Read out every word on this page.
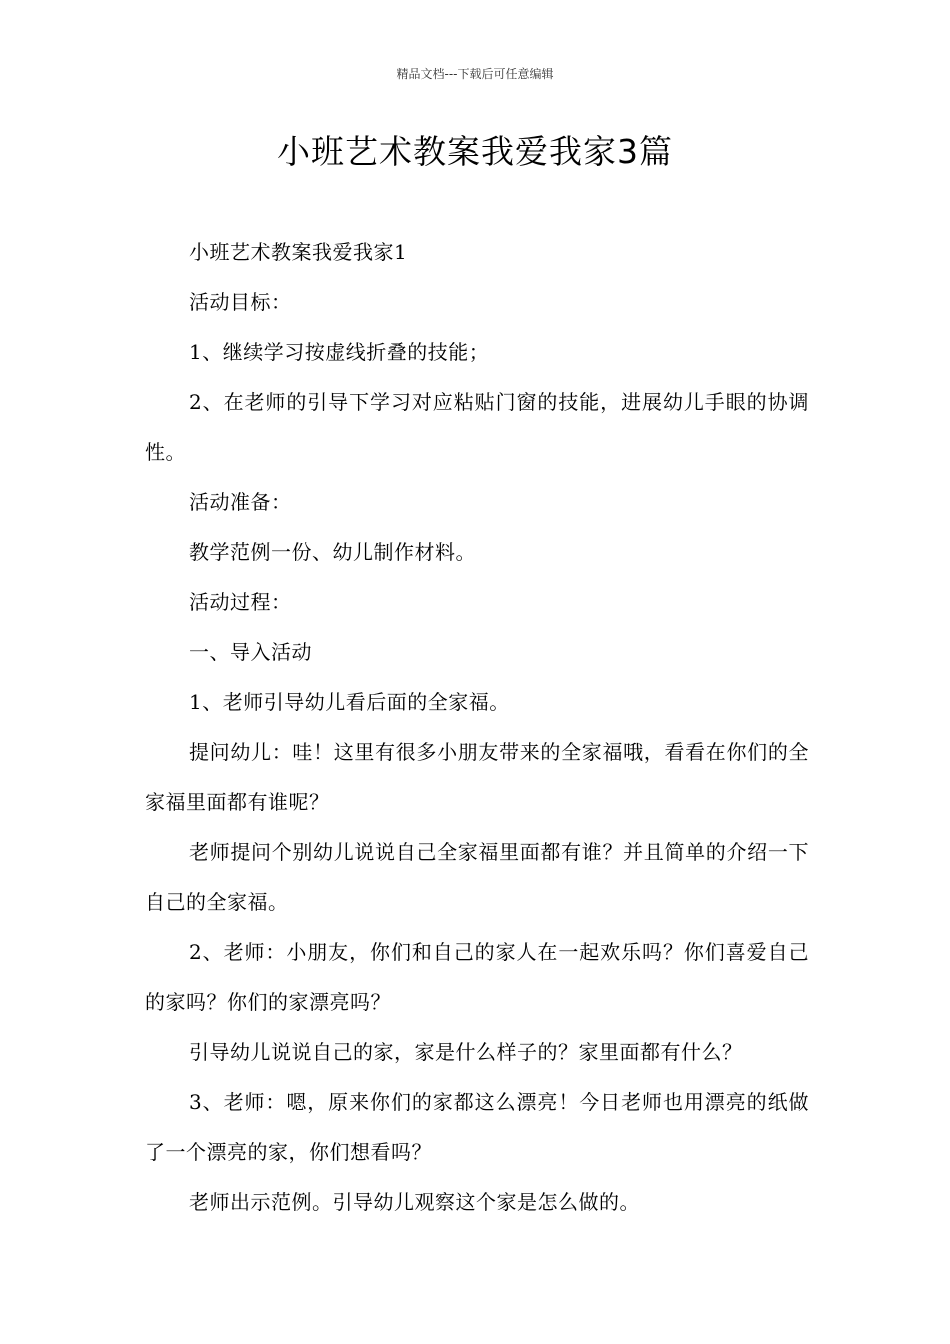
精品文档---下载后可任意编辑
小班艺术教案我爱我家3篇

小班艺术教案我爱我家1

活动目标：

1、继续学习按虚线折叠的技能；

2、在老师的引导下学习对应粘贴门窗的技能，进展幼儿手眼的协调性。

活动准备：

教学范例一份、幼儿制作材料。

活动过程：

一、导入活动

1、老师引导幼儿看后面的全家福。

提问幼儿：哇！这里有很多小朋友带来的全家福哦，看看在你们的全家福里面都有谁呢？

老师提问个别幼儿说说自己全家福里面都有谁？并且简单的介绍一下自己的全家福。

2、老师：小朋友，你们和自己的家人在一起欢乐吗？你们喜爱自己的家吗？你们的家漂亮吗？

引导幼儿说说自己的家，家是什么样子的？家里面都有什么？

3、老师：嗯，原来你们的家都这么漂亮！今日老师也用漂亮的纸做了一个漂亮的家，你们想看吗？

老师出示范例。引导幼儿观察这个家是怎么做的。
